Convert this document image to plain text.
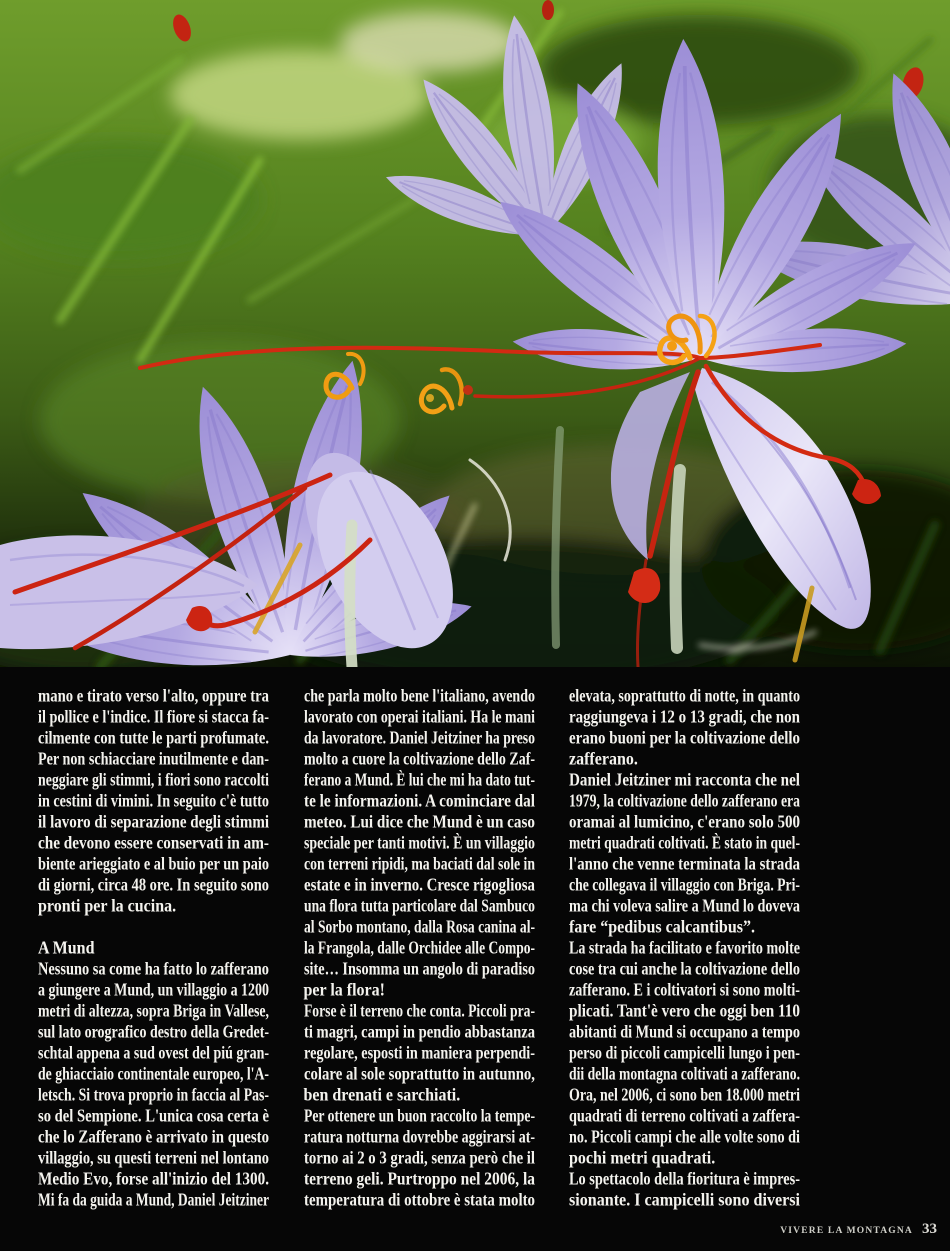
mano e tirato verso l'alto, oppure tra
il pollice e l'indice. Il fiore si stacca fa-
cilmente con tutte le parti profumate.
Per non schiacciare inutilmente e dan-
neggiare gli stimmi, i fiori sono raccolti
in cestini di vimini. In seguito c'è tutto
il lavoro di separazione degli stimmi
che devono essere conservati in am-
biente arieggiato e al buio per un paio
di giorni, circa 48 ore. In seguito sono
pronti per la cucina.
A Mund
Nessuno sa come ha fatto lo zafferano
a giungere a Mund, un villaggio a 1200
metri di altezza, sopra Briga in Vallese,
sul lato orografico destro della Gredet-
schtal appena a sud ovest del piú gran-
de ghiacciaio continentale europeo, l'A-
letsch. Si trova proprio in faccia al Pas-
so del Sempione. L'unica cosa certa è
che lo Zafferano è arrivato in questo
villaggio, su questi terreni nel lontano
Medio Evo, forse all'inizio del 1300.
Mi fa da guida a Mund, Daniel Jeitziner
che parla molto bene l'italiano, avendo
lavorato con operai italiani. Ha le mani
da lavoratore. Daniel Jeitziner ha preso
molto a cuore la coltivazione dello Zaf-
ferano a Mund. È lui che mi ha dato tut-
te le informazioni. A cominciare dal
meteo. Lui dice che Mund è un caso
speciale per tanti motivi. È un villaggio
con terreni ripidi, ma baciati dal sole in
estate e in inverno. Cresce rigogliosa
una flora tutta particolare dal Sambuco
al Sorbo montano, dalla Rosa canina al-
la Frangola, dalle Orchidee alle Compo-
site… Insomma un angolo di paradiso
per la flora!
Forse è il terreno che conta. Piccoli pra-
ti magri, campi in pendio abbastanza
regolare, esposti in maniera perpendi-
colare al sole soprattutto in autunno,
ben drenati e sarchiati.
Per ottenere un buon raccolto la tempe-
ratura notturna dovrebbe aggirarsi at-
torno ai 2 o 3 gradi, senza però che il
terreno geli. Purtroppo nel 2006, la
temperatura di ottobre è stata molto
elevata, soprattutto di notte, in quanto
raggiungeva i 12 o 13 gradi, che non
erano buoni per la coltivazione dello
zafferano.
Daniel Jeitziner mi racconta che nel
1979, la coltivazione dello zafferano era
oramai al lumicino, c'erano solo 500
metri quadrati coltivati. È stato in quel-
l'anno che venne terminata la strada
che collegava il villaggio con Briga. Pri-
ma chi voleva salire a Mund lo doveva
fare “pedibus calcantibus”.
La strada ha facilitato e favorito molte
cose tra cui anche la coltivazione dello
zafferano. E i coltivatori si sono molti-
plicati. Tant'è vero che oggi ben 110
abitanti di Mund si occupano a tempo
perso di piccoli campicelli lungo i pen-
dii della montagna coltivati a zafferano.
Ora, nel 2006, ci sono ben 18.000 metri
quadrati di terreno coltivati a zaffera-
no. Piccoli campi che alle volte sono di
pochi metri quadrati.
Lo spettacolo della fioritura è impres-
sionante. I campicelli sono diversi
VIVERE LA MONTAGNA 33
